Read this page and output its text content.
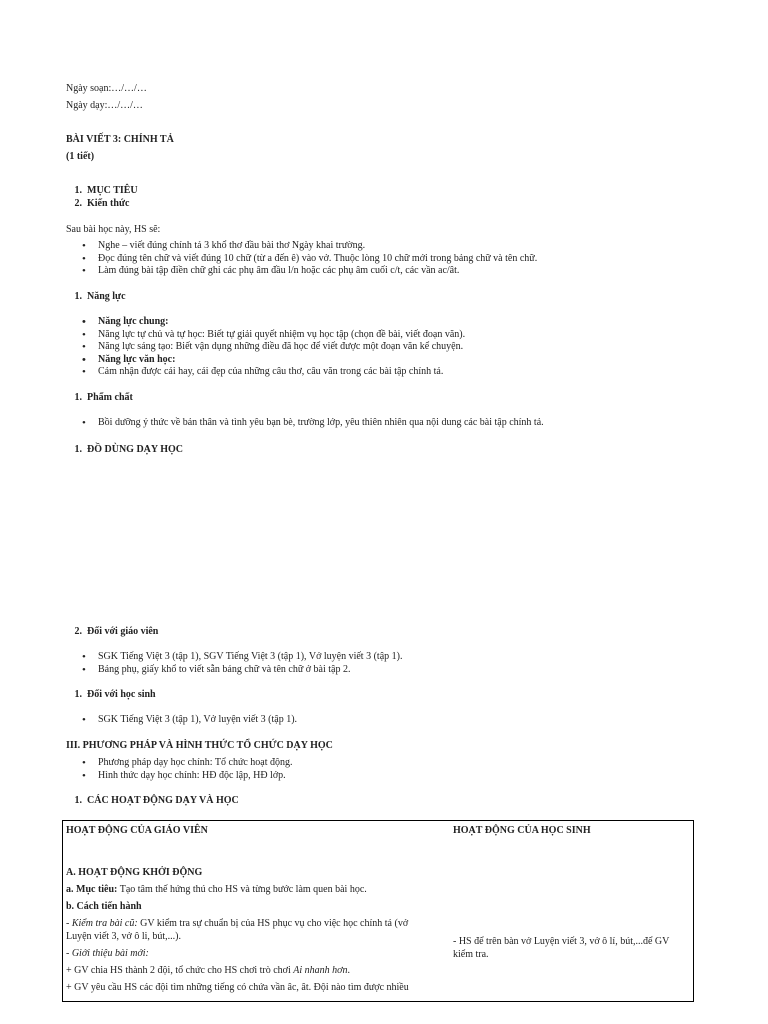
Ngày soạn:…/…/…
Ngày dạy:…/…/…
BÀI VIẾT 3: CHÍNH TẢ
(1 tiết)
1. MỤC TIÊU
2. Kiến thức
Sau bài học này, HS sẽ:
• Nghe – viết đúng chính tả 3 khổ thơ đầu bài thơ Ngày khai trường.
• Đọc đúng tên chữ và viết đúng 10 chữ (từ a đến ê) vào vở. Thuộc lòng 10 chữ mới trong bảng chữ và tên chữ.
• Làm đúng bài tập điền chữ ghi các phụ âm đầu l/n hoặc các phụ âm cuối c/t, các vần ac/ât.
1. Năng lực
• Năng lực chung:
• Năng lực tự chủ và tự học: Biết tự giải quyết nhiệm vụ học tập (chọn đề bài, viết đoạn văn).
• Năng lực sáng tạo: Biết vận dụng những điều đã học để viết được một đoạn văn kể chuyện.
• Năng lực văn học:
• Cảm nhận được cái hay, cái đẹp của những câu thơ, câu văn trong các bài tập chính tả.
1. Phẩm chất
• Bồi dưỡng ý thức về bản thân và tình yêu bạn bè, trường lớp, yêu thiên nhiên qua nội dung các bài tập chính tả.
1. ĐỒ DÙNG DẠY HỌC
2. Đối với giáo viên
• SGK Tiếng Việt 3 (tập 1), SGV Tiếng Việt 3 (tập 1), Vở luyện viết 3 (tập 1).
• Bảng phụ, giấy khổ to viết sẵn bảng chữ và tên chữ ở bài tập 2.
1. Đối với học sinh
• SGK Tiếng Việt 3 (tập 1), Vở luyện viết 3 (tập 1).
III. PHƯƠNG PHÁP VÀ HÌNH THỨC TỔ CHỨC DẠY HỌC
• Phương pháp dạy học chính: Tổ chức hoạt động.
• Hình thức dạy học chính: HĐ độc lập, HĐ lớp.
1. CÁC HOẠT ĐỘNG DẠY VÀ HỌC
HOẠT ĐỘNG CỦA GIÁO VIÊN	HOẠT ĐỘNG CỦA HỌC SINH
A. HOẠT ĐỘNG KHỞI ĐỘNG
a. Mục tiêu: Tạo tâm thế hứng thú cho HS và từng bước làm quen bài học.
b. Cách tiến hành
- Kiểm tra bài cũ: GV kiểm tra sự chuẩn bị của HS phục vụ cho việc học chính tả (vở
Luyện viết 3, vở ô li, bút,...).
- Giới thiệu bài mới:
+ GV chia HS thành 2 đội, tổ chức cho HS chơi trò chơi Ai nhanh hơn.
+ GV yêu cầu HS các đội tìm những tiếng có chứa vần âc, ât. Đội nào tìm được nhiều
- HS để trên bàn vở Luyện viết 3, vở ô lí, bút,...để GV
kiểm tra.
